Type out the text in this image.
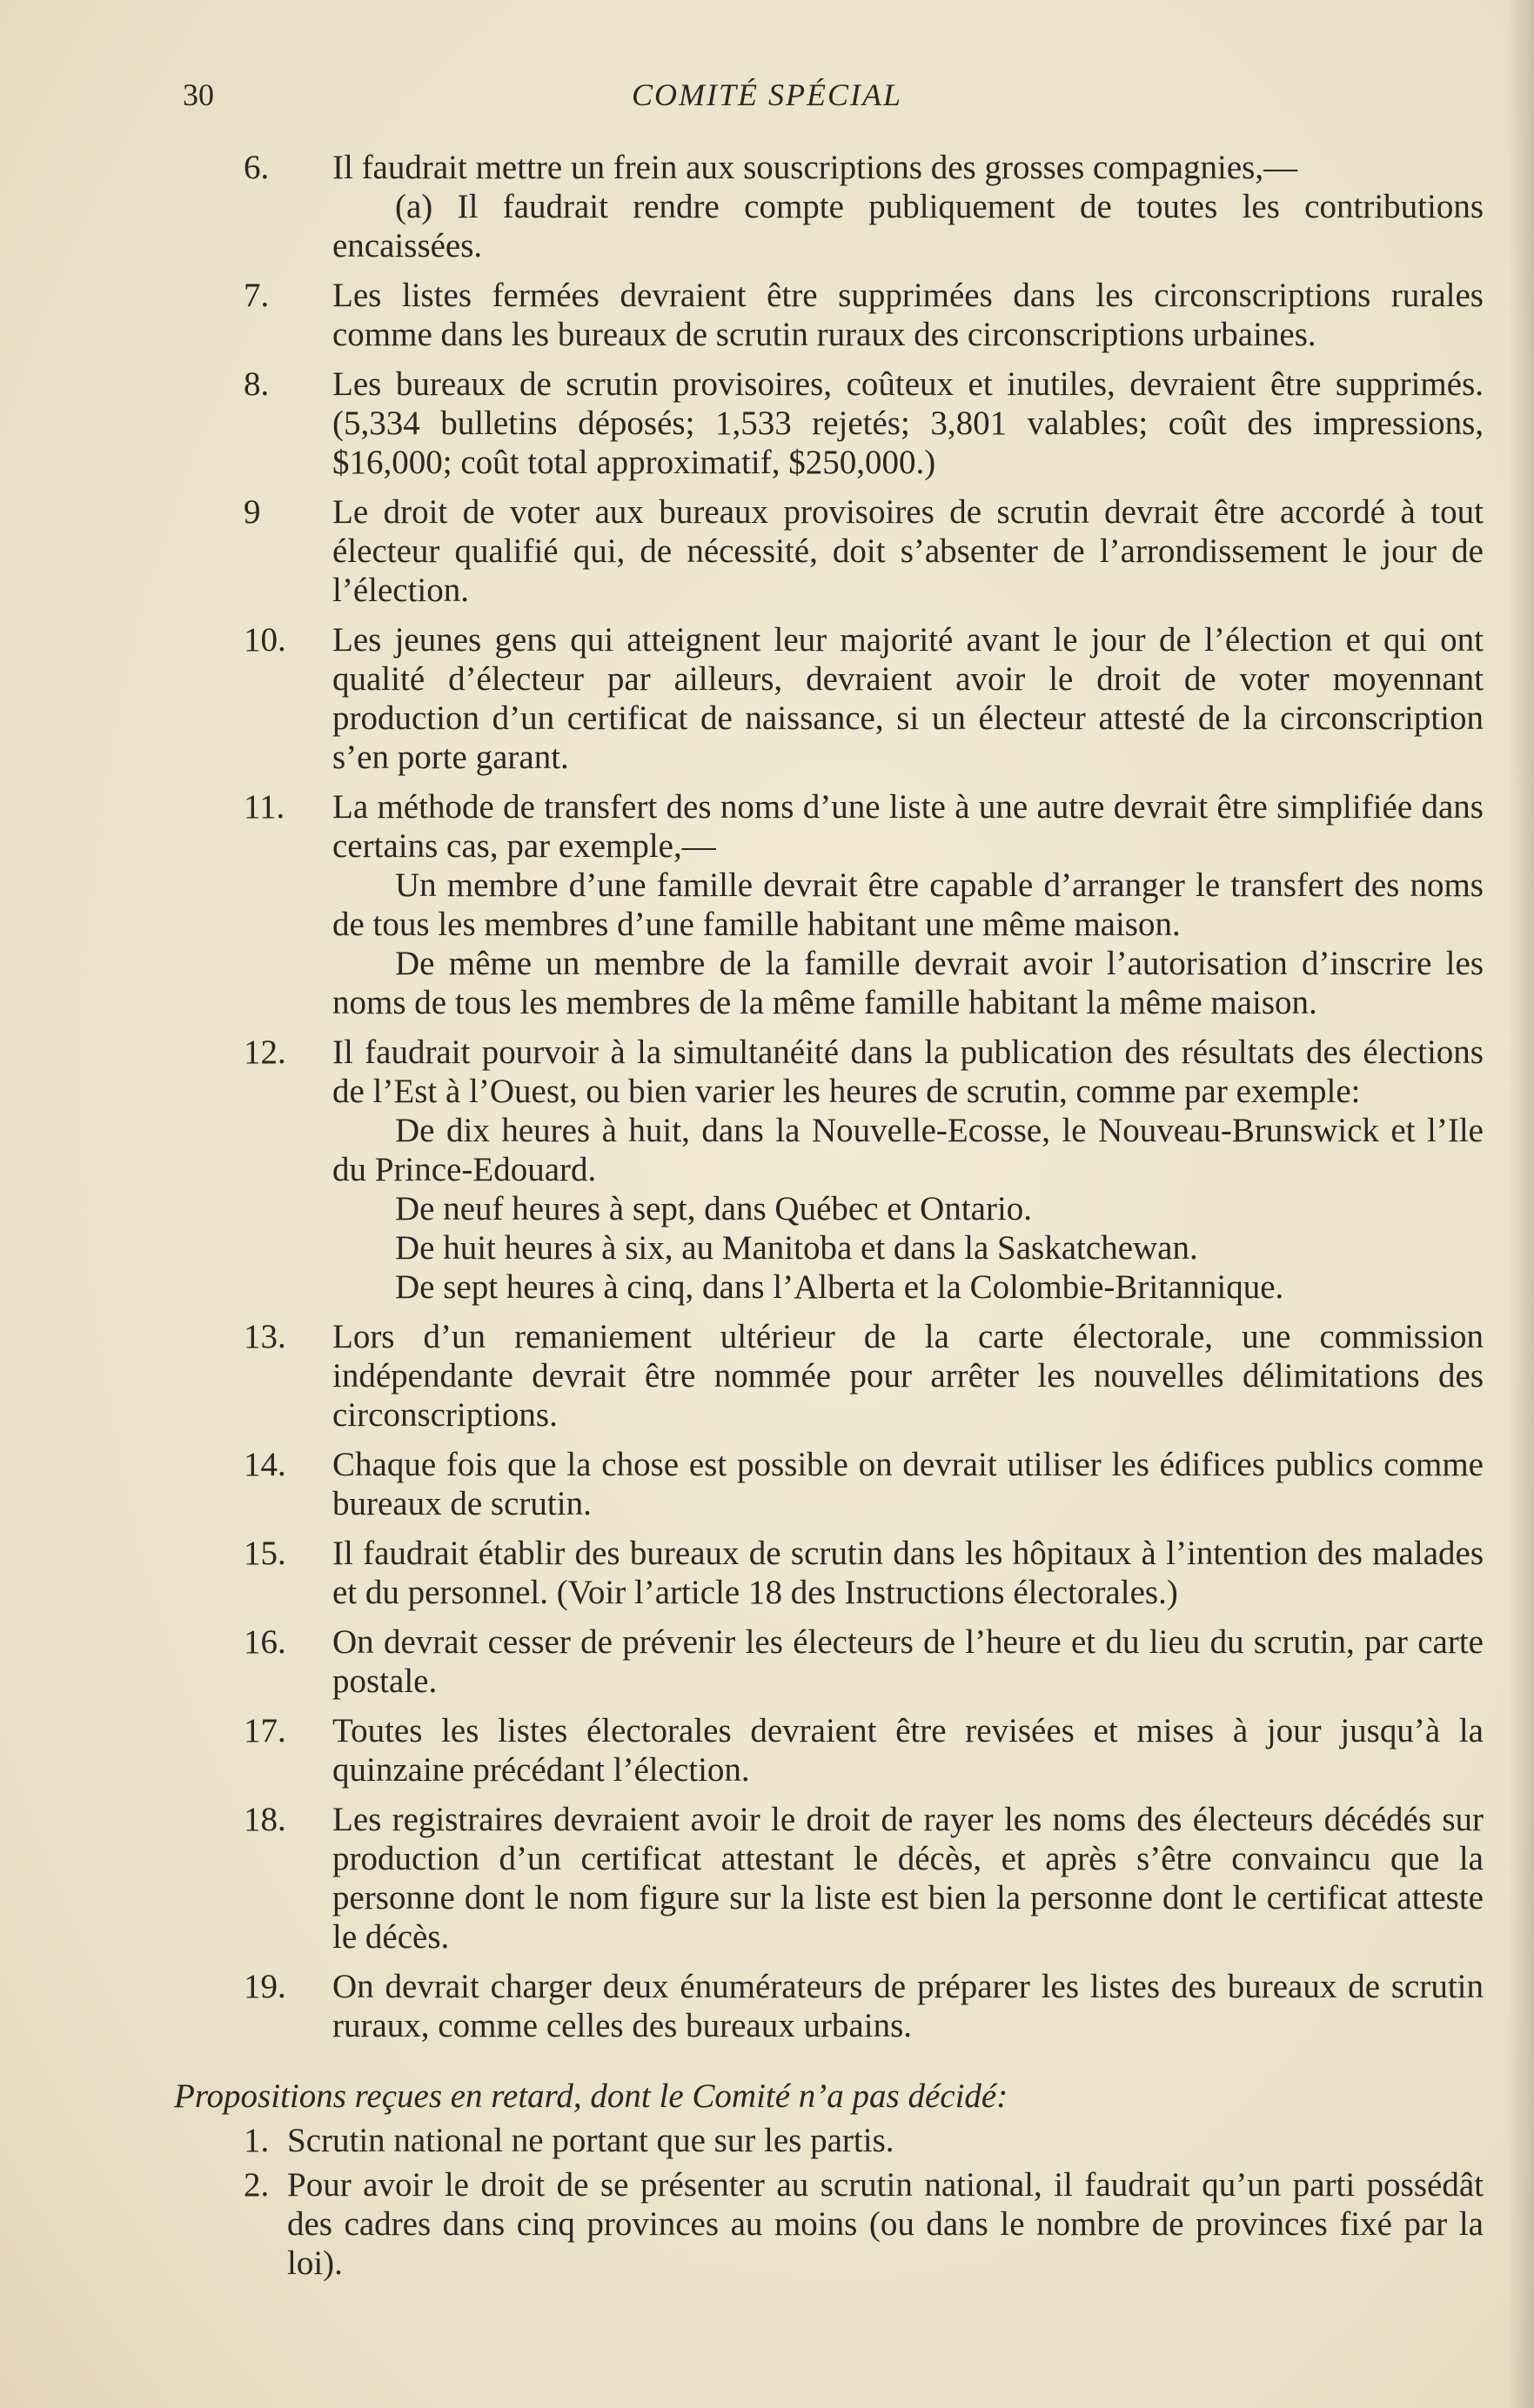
30	COMITÉ SPÉCIAL
6.	Il faudrait mettre un frein aux souscriptions des grosses compagnies,—

(a) Il faudrait rendre compte publiquement de toutes les contributions encaissées.

7.	Les listes fermées devraient être supprimées dans les circonscriptions rurales comme dans les bureaux de scrutin ruraux des circonscriptions urbaines.

8.	Les bureaux de scrutin provisoires, coûteux et inutiles, devraient être supprimés. (5,334 bulletins déposés; 1,533 rejetés; 3,801 valables; coût des impressions, $16,000; coût total approximatif, $250,000.)

9	Le droit de voter aux bureaux provisoires de scrutin devrait être accordé à tout électeur qualifié qui, de nécessité, doit s’absenter de l’arrondissement le jour de l’élection.

10.	Les jeunes gens qui atteignent leur majorité avant le jour de l’élection et qui ont qualité d’électeur par ailleurs, devraient avoir le droit de voter moyennant production d’un certificat de naissance, si un électeur attesté de la circonscription s’en porte garant.

11.	La méthode de transfert des noms d’une liste à une autre devrait être simplifiée dans certains cas, par exemple,—

Un membre d’une famille devrait être capable d’arranger le transfert des noms de tous les membres d’une famille habitant une même maison.

De même un membre de la famille devrait avoir l’autorisation d’inscrire les noms de tous les membres de la même famille habitant la même maison.

12.	Il faudrait pourvoir à la simultanéité dans la publication des résultats des élections de l’Est à l’Ouest, ou bien varier les heures de scrutin, comme par exemple:

De dix heures à huit, dans la Nouvelle-Ecosse, le Nouveau-Brunswick et l’Ile du Prince-Edouard.

De neuf heures à sept, dans Québec et Ontario.

De huit heures à six, au Manitoba et dans la Saskatchewan.

De sept heures à cinq, dans l’Alberta et la Colombie-Britannique.

13.	Lors d’un remaniement ultérieur de la carte électorale, une commission indépendante devrait être nommée pour arrêter les nouvelles délimitations des circonscriptions.

14.	Chaque fois que la chose est possible on devrait utiliser les édifices publics comme bureaux de scrutin.

15.	Il faudrait établir des bureaux de scrutin dans les hôpitaux à l’intention des malades et du personnel. (Voir l’article 18 des Instructions électorales.)

16.	On devrait cesser de prévenir les électeurs de l’heure et du lieu du scrutin, par carte postale.

17.	Toutes les listes électorales devraient être revisées et mises à jour jusqu’à la quinzaine précédant l’élection.

18.	Les registraires devraient avoir le droit de rayer les noms des électeurs décédés sur production d’un certificat attestant le décès, et après s’être convaincu que la personne dont le nom figure sur la liste est bien la personne dont le certificat atteste le décès.

19.	On devrait charger deux énumérateurs de préparer les listes des bureaux de scrutin ruraux, comme celles des bureaux urbains.

Propositions reçues en retard, dont le Comité n’a pas décidé:
1. Scrutin national ne portant que sur les partis.

2. Pour avoir le droit de se présenter au scrutin national, il faudrait qu’un parti possédât des cadres dans cinq provinces au moins (ou dans le nombre de provinces fixé par la loi).
